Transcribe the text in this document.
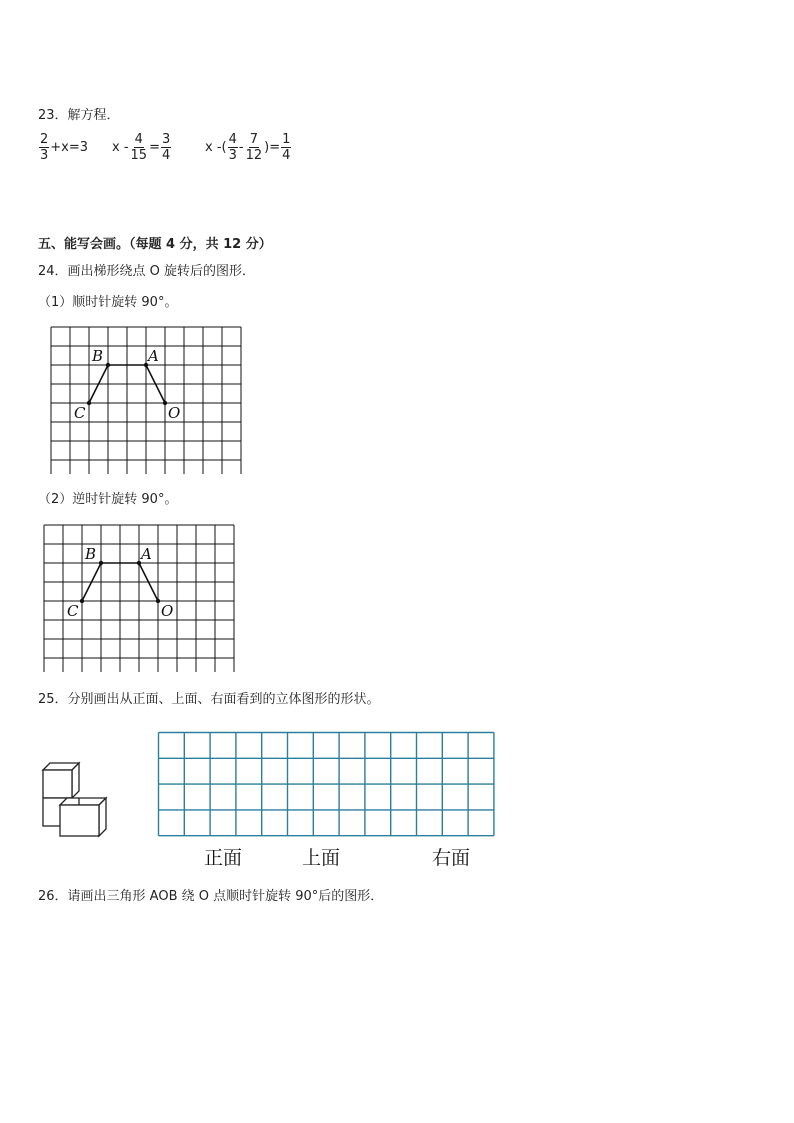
23．解方程．
$\frac{2}{3} +x=3$ $x - \frac{4}{15} = \frac{3}{4}$	x -( $\frac{4}{3} - \frac{7}{12}$ )= $\frac{1}{4}$
五、能写会画。（每题 4 分，共 12 分）
24．画出梯形绕点 O 旋转后的图形．
（1）顺时针旋转 90°。
C
B	A
O
（2）逆时针旋转 90°。
C
B	A
O
25．分别画出从正面、上面、右面看到的立体图形的形状。
正面	上面	右面
26．请画出三角形 AOB 绕 O 点顺时针旋转 90°后的图形．
